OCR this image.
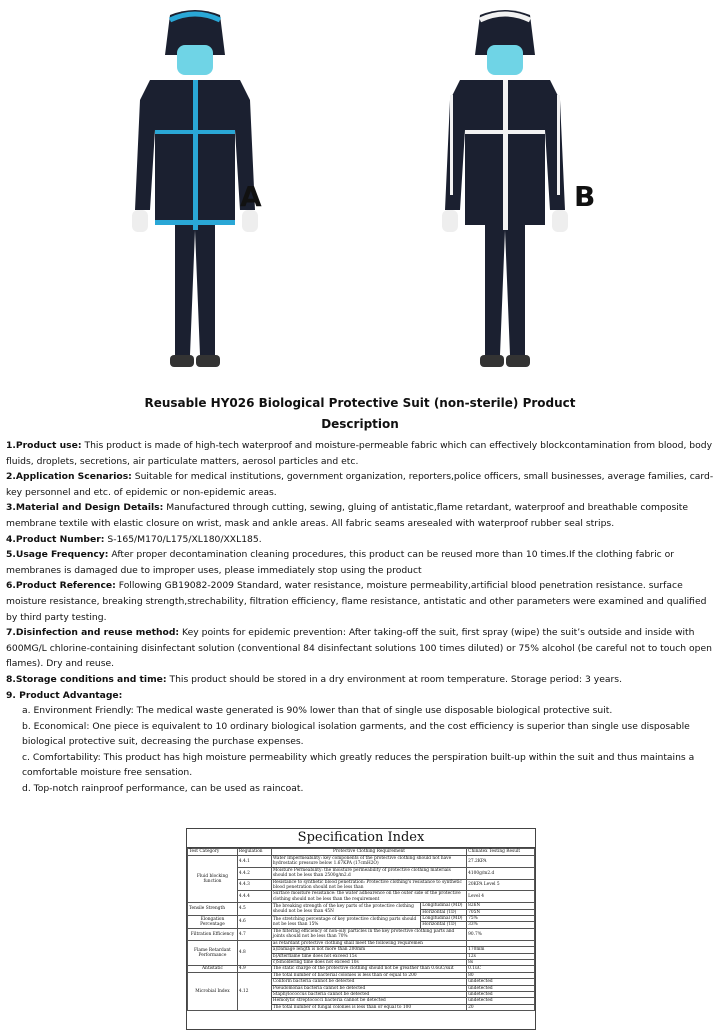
A	B
Reusable HY026 Biological Protective Suit (non-sterile) Product
Description

1.Product use: This product is made of high-tech waterproof and moisture-permeable fabric which can effectively blockcontamination from blood, body fluids, droplets, secretions, air particulate matters, aerosol particles and etc.

2.Application Scenarios: Suitable for medical institutions, government organization, reporters,police officers, small businesses, average families, card-key personnel and etc. of epidemic or non-epidemic areas.

3.Material and Design Details: Manufactured through cutting, sewing, gluing of antistatic,flame retardant, waterproof and breathable composite membrane textile with elastic closure on wrist, mask and ankle areas. All fabric seams aresealed with waterproof rubber seal strips.

4.Product Number: S-165/M170/L175/XL180/XXL185.

5.Usage Frequency: After proper decontamination cleaning procedures, this product can be reused more than 10 times.If the clothing fabric or membranes is damaged due to improper uses, please immediately stop using the product

6.Product Reference: Following GB19082-2009 Standard, water resistance, moisture permeability,artificial blood penetration resistance. surface moisture resistance, breaking strength,strechability, filtration efficiency, flame resistance, antistatic and other parameters were examined and qualified by third party testing.

7.Disinfection and reuse method: Key points for epidemic prevention: After taking-off the suit, first spray (wipe) the suit’s outside and inside with 600MG/L chlorine-containing disinfectant solution (conventional 84 disinfectant solutions 100 times diluted) or 75% alcohol (be careful not to touch open flames). Dry and reuse.

8.Storage conditions and time: This product should be stored in a dry environment at room temperature. Storage period: 3 years.

9. Product Advantage:

a. Environment Friendly: The medical waste generated is 90% lower than that of single use disposable biological protective suit.

b. Economical: One piece is equivalent to 10 ordinary biological isolation garments, and the cost efficiency is superior than single use disposable biological protective suit, decreasing the purchase expenses.

c. Comfortability: This product has high moisture permeability which greatly reduces the perspiration built-up within the suit and thus maintains a comfortable moisture free sensation.

d. Top-notch rainproof performance, can be used as raincoat.

Specification Index
Test Category	Regulation	Protective Clothing Requirement		Chinatex Testing Result
Fluid blocking function	4.4.1	Water Impermeability: key components of the protective clothing should not have hydrostatic pressure below 1.67KPA (17cmH2O)		27.2KPA
	4.4.2	Moisture Permeability: the moisture permeability of protective clothing materials should not be less than 2500g/m2.d		4100g/m2.d
	4.4.3	Resistance to synthetic blood penetration: Protective clothing's resistance to synthetic blood penetration should not be less than		20KPA Level 5
	4.4.4	Surface moisture resistance: the water adhearence on the outer side of the protective clothing should not be less than the requirement		Level 4
Tensile Strength	4.5	The breaking strength of the key parts of the protective clothing should not be less than 45N	Longitudinal (MD)	826N
			Horizontal (TD)	705N
Elongation Percentage	4.6	The stretching percentage of key protective clothing parts should not be less than 15%	Longitudinal (MD)	75%
			Horizontal (TD)	33%
Filtration Efficiency	4.7	The filtering efficiency of non-oily particles in the key protective clothing parts and joints should not be less than 70%		90.7%
Flame Retardant Performance	4.8	as retardant protective clothing shall meet the following requiremen		
		a)Damage length is not more than 200mm		170mm
		b)Afterflame time does not exceed 15s		12s
		c)Smoldering time does not exceed 10s		8s
Antistatic	4.9	The static charge of the protective clothing should not be greather than 0.6uC/suit		0.1uC
Microbial Index	4.12	The total number of bacterial colonies is less than or equal to 200		80
		Coliform bacteria cannot be detected		undetected
		Pseudomonas bacteria cannot be detected		undetected
		Staphylococcus bacteria cannot be detected		undetected
		Hemolytic streptococci bacteria cannot be detected		undetected
		The total number of fungal colonies is less than or equal to 100		20
